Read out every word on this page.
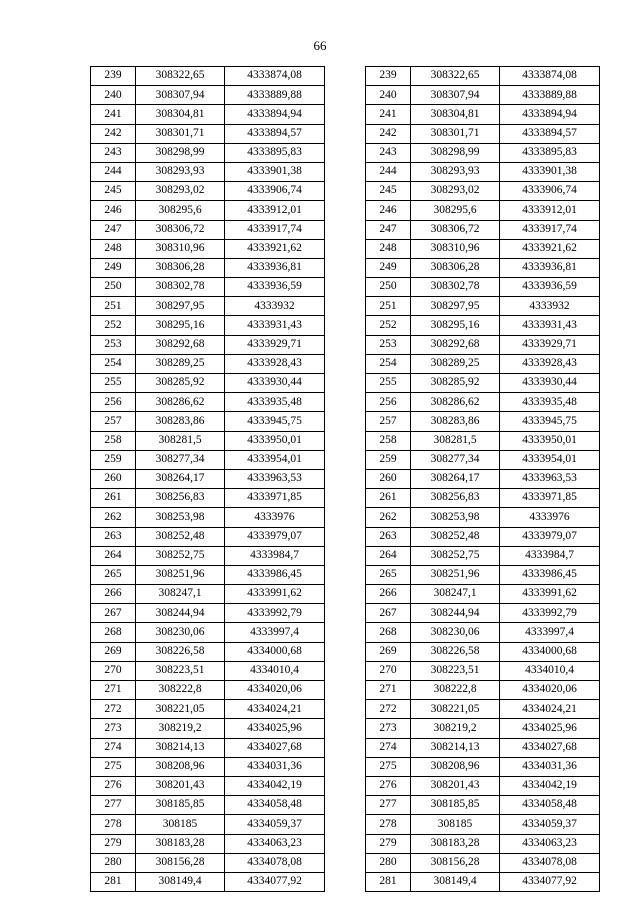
66
239	308322,65	4333874,08
240	308307,94	4333889,88
241	308304,81	4333894,94
242	308301,71	4333894,57
243	308298,99	4333895,83
244	308293,93	4333901,38
245	308293,02	4333906,74
246	308295,6	4333912,01
247	308306,72	4333917,74
248	308310,96	4333921,62
249	308306,28	4333936,81
250	308302,78	4333936,59
251	308297,95	4333932
252	308295,16	4333931,43
253	308292,68	4333929,71
254	308289,25	4333928,43
255	308285,92	4333930,44
256	308286,62	4333935,48
257	308283,86	4333945,75
258	308281,5	4333950,01
259	308277,34	4333954,01
260	308264,17	4333963,53
261	308256,83	4333971,85
262	308253,98	4333976
263	308252,48	4333979,07
264	308252,75	4333984,7
265	308251,96	4333986,45
266	308247,1	4333991,62
267	308244,94	4333992,79
268	308230,06	4333997,4
269	308226,58	4334000,68
270	308223,51	4334010,4
271	308222,8	4334020,06
272	308221,05	4334024,21
273	308219,2	4334025,96
274	308214,13	4334027,68
275	308208,96	4334031,36
276	308201,43	4334042,19
277	308185,85	4334058,48
278	308185	4334059,37
279	308183,28	4334063,23
280	308156,28	4334078,08
281	308149,4	4334077,92
239	308322,65	4333874,08
240	308307,94	4333889,88
241	308304,81	4333894,94
242	308301,71	4333894,57
243	308298,99	4333895,83
244	308293,93	4333901,38
245	308293,02	4333906,74
246	308295,6	4333912,01
247	308306,72	4333917,74
248	308310,96	4333921,62
249	308306,28	4333936,81
250	308302,78	4333936,59
251	308297,95	4333932
252	308295,16	4333931,43
253	308292,68	4333929,71
254	308289,25	4333928,43
255	308285,92	4333930,44
256	308286,62	4333935,48
257	308283,86	4333945,75
258	308281,5	4333950,01
259	308277,34	4333954,01
260	308264,17	4333963,53
261	308256,83	4333971,85
262	308253,98	4333976
263	308252,48	4333979,07
264	308252,75	4333984,7
265	308251,96	4333986,45
266	308247,1	4333991,62
267	308244,94	4333992,79
268	308230,06	4333997,4
269	308226,58	4334000,68
270	308223,51	4334010,4
271	308222,8	4334020,06
272	308221,05	4334024,21
273	308219,2	4334025,96
274	308214,13	4334027,68
275	308208,96	4334031,36
276	308201,43	4334042,19
277	308185,85	4334058,48
278	308185	4334059,37
279	308183,28	4334063,23
280	308156,28	4334078,08
281	308149,4	4334077,92
